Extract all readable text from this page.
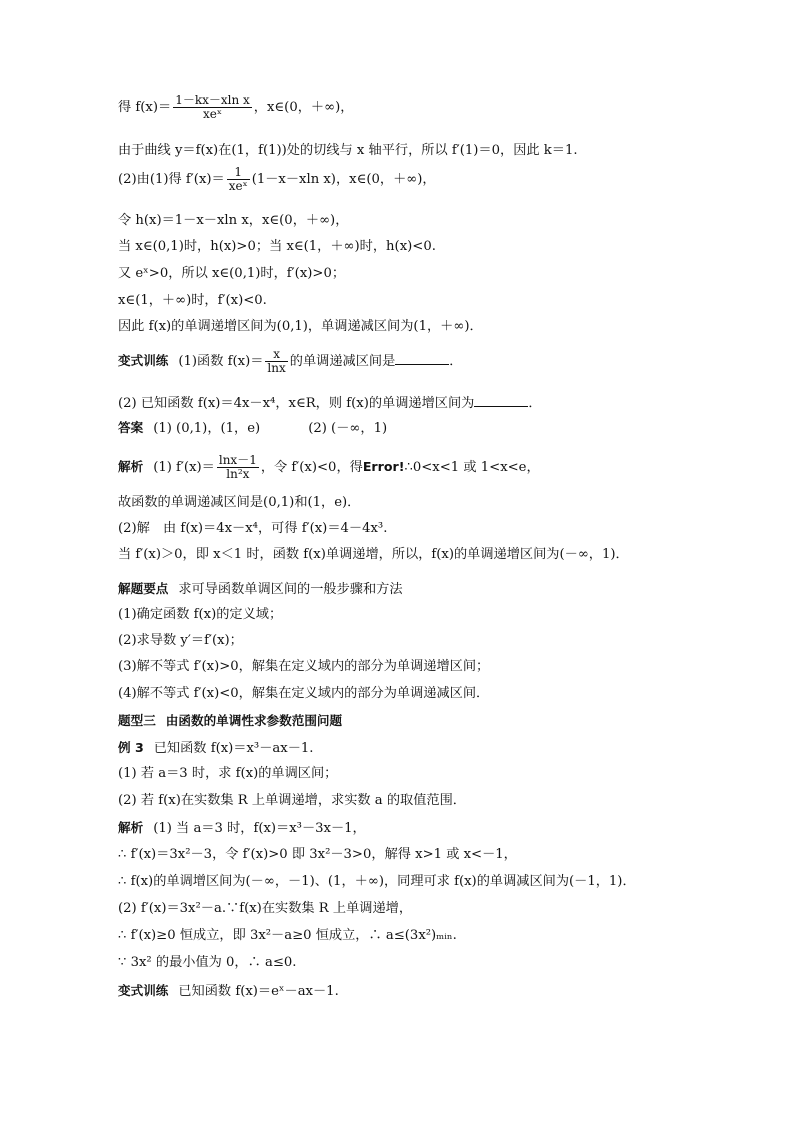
得 $f(x)= \frac{\text{1－kx－xln x}}{\text{xeˣ}}$ ，x∈(0，＋∞)，
由于曲线 y＝f(x)在(1，f(1))处的切线与 x 轴平行，所以 f′(1)＝0，因此 k＝1.
(2)由(1)得 $f'(x)= \frac{1}{\text{xeˣ}} (1-x-xln$ x)，x∈(0，＋∞)，
令 h(x)＝1－x－xln x，x∈(0，＋∞)，
当 x∈(0,1)时，h(x)>0；当 x∈(1，＋∞)时，h(x)<0.
又 eˣ>0，所以 x∈(0,1)时，f′(x)>0；
x∈(1，＋∞)时，f′(x)<0.
因此 f(x)的单调递增区间为(0,1)，单调递减区间为(1，＋∞)．
变式训练 (1)函数 $f(x)= \frac{x}{\ln x}$ 的单调递减区间是	．
(2) 已知函数 f(x)＝4x－x⁴，x∈R，则 f(x)的单调递增区间为	．
答案 (1) (0,1)，(1，e)	(2) (－∞，1)
解析 (1) $f'(x)= \frac{\ln x-1}{\text{ln²x}}$ ，令 f′(x)<0，得Error!∴0<x<1 或 1<x<e，
故函数的单调递减区间是(0,1)和(1，e)．
(2)解　由 f(x)＝4x－x⁴，可得 f′(x)＝4－4x³.
当 f′(x)＞0，即 x＜1 时，函数 f(x)单调递增，所以，f(x)的单调递增区间为(－∞，1)．
解题要点 求可导函数单调区间的一般步骤和方法
(1)确定函数 f(x)的定义域；
(2)求导数 y′＝f′(x)；
(3)解不等式 f′(x)>0，解集在定义域内的部分为单调递增区间；
(4)解不等式 f′(x)<0，解集在定义域内的部分为单调递减区间．
题型三 由函数的单调性求参数范围问题
例 3 已知函数 f(x)＝x³－ax－1.
(1) 若 a＝3 时，求 f(x)的单调区间；
(2) 若 f(x)在实数集 R 上单调递增，求实数 a 的取值范围．
解析 (1) 当 a＝3 时，f(x)＝x³－3x－1，
∴ f′(x)＝3x²－3，令 f′(x)>0 即 3x²－3>0，解得 x>1 或 x<－1，
∴ f(x)的单调增区间为(－∞，－1)、(1，＋∞)，同理可求 f(x)的单调减区间为(－1，1)．
(2) f′(x)＝3x²－a.∵f(x)在实数集 R 上单调递增，
∴ f′(x)≥0 恒成立，即 3x²－a≥0 恒成立，∴ a≤(3x²)ₘᵢₙ.
∵ 3x² 的最小值为 0，∴ a≤0.
变式训练 已知函数 f(x)＝eˣ－ax－1.
